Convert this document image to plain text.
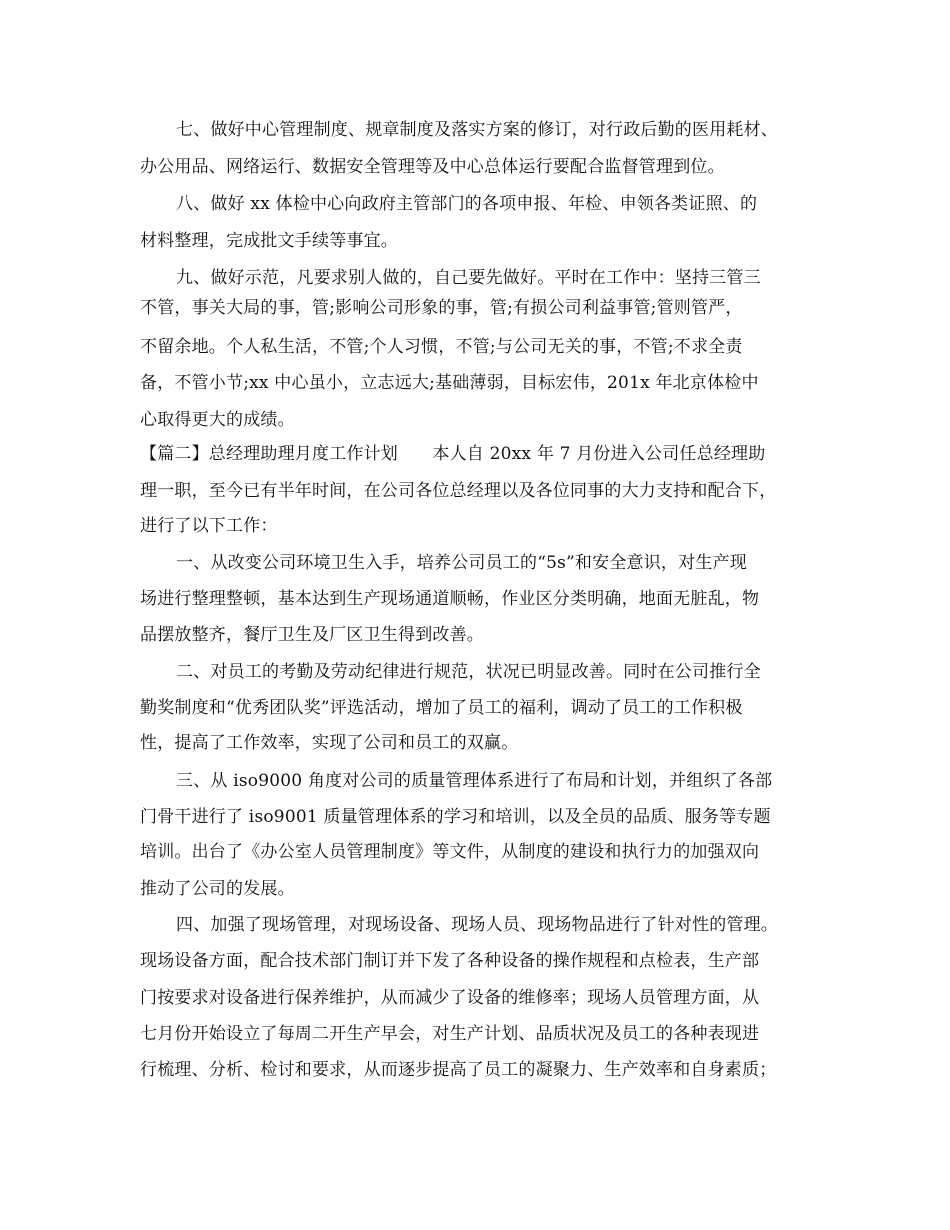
七、做好中心管理制度、规章制度及落实方案的修订，对行政后勤的医用耗材、
办公用品、网络运行、数据安全管理等及中心总体运行要配合监督管理到位。
八、做好 xx 体检中心向政府主管部门的各项申报、年检、申领各类证照、的
材料整理，完成批文手续等事宜。
九、做好示范，凡要求别人做的，自己要先做好。平时在工作中：坚持三管三
不管，事关大局的事，管;影响公司形象的事，管;有损公司利益事管;管则管严，
不留余地。个人私生活，不管;个人习惯，不管;与公司无关的事，不管;不求全责
备，不管小节;xx 中心虽小，立志远大;基础薄弱，目标宏伟，201x 年北京体检中
心取得更大的成绩。
【篇二】总经理助理月度工作计划　　本人自 20xx 年 7 月份进入公司任总经理助
理一职，至今已有半年时间，在公司各位总经理以及各位同事的大力支持和配合下，
进行了以下工作：
一、从改变公司环境卫生入手，培养公司员工的“5s”和安全意识，对生产现
场进行整理整顿，基本达到生产现场通道顺畅，作业区分类明确，地面无脏乱，物
品摆放整齐，餐厅卫生及厂区卫生得到改善。
二、对员工的考勤及劳动纪律进行规范，状况已明显改善。同时在公司推行全
勤奖制度和“优秀团队奖”评选活动，增加了员工的福利，调动了员工的工作积极
性，提高了工作效率，实现了公司和员工的双赢。
三、从 iso9000 角度对公司的质量管理体系进行了布局和计划，并组织了各部
门骨干进行了 iso9001 质量管理体系的学习和培训，以及全员的品质、服务等专题
培训。出台了《办公室人员管理制度》等文件，从制度的建设和执行力的加强双向
推动了公司的发展。
四、加强了现场管理，对现场设备、现场人员、现场物品进行了针对性的管理。
现场设备方面，配合技术部门制订并下发了各种设备的操作规程和点检表，生产部
门按要求对设备进行保养维护，从而减少了设备的维修率；现场人员管理方面，从
七月份开始设立了每周二开生产早会，对生产计划、品质状况及员工的各种表现进
行梳理、分析、检讨和要求，从而逐步提高了员工的凝聚力、生产效率和自身素质；
